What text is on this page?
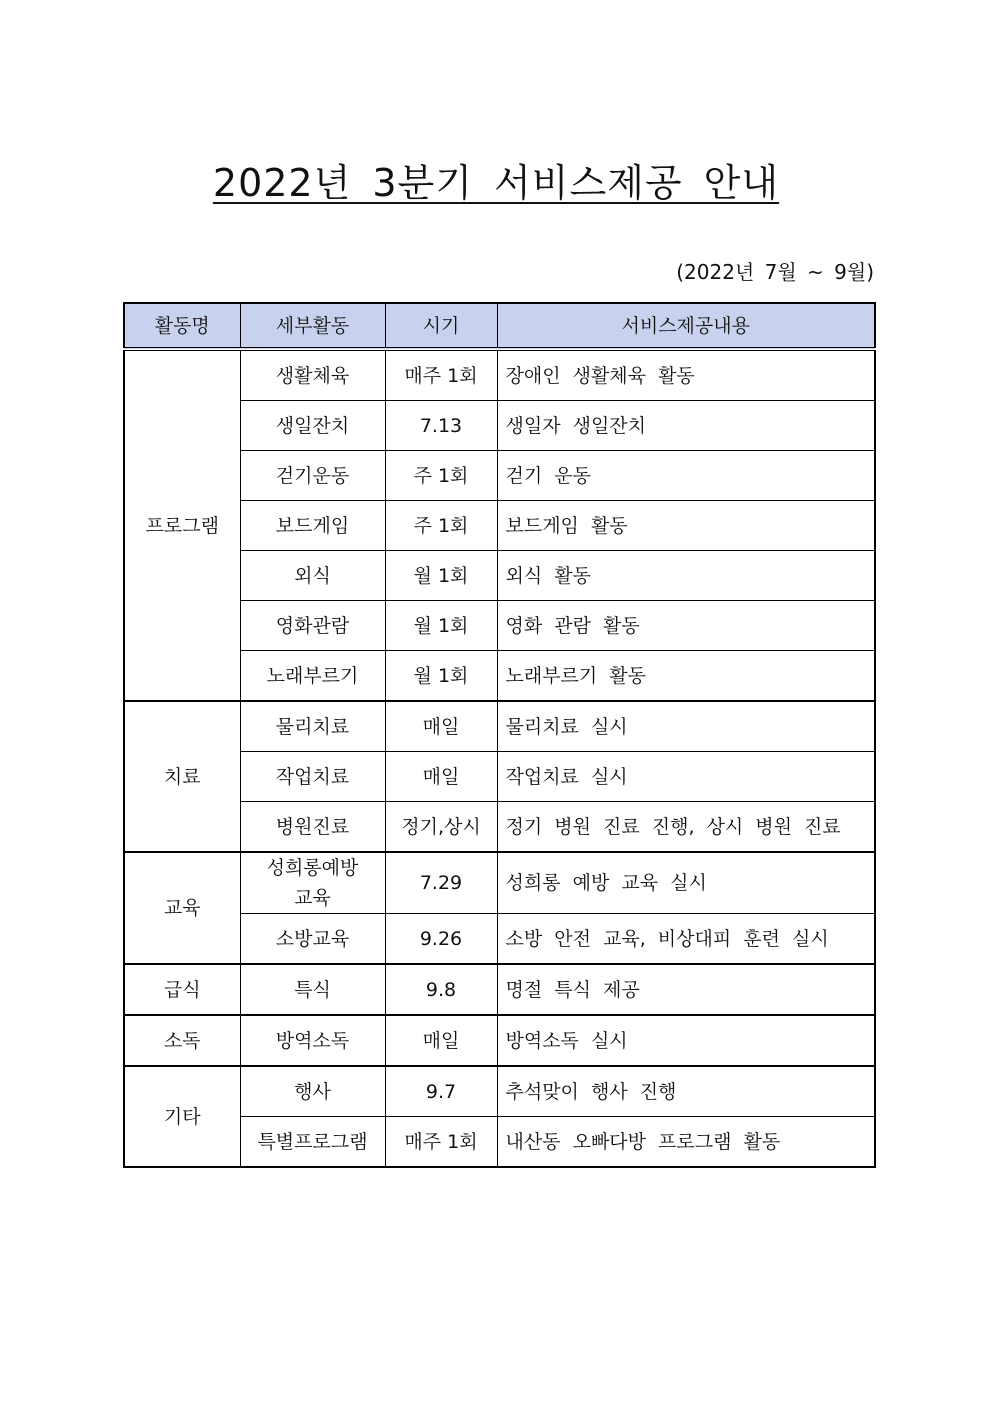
2022년 3분기 서비스제공 안내
(2022년 7월 ~ 9월)
활동명	세부활동	시기	서비스제공내용
프로그램	생활체육	매주 1회	장애인 생활체육 활동
	생일잔치	7.13	생일자 생일잔치
	걷기운동	주 1회	걷기 운동
	보드게임	주 1회	보드게임 활동
	외식	월 1회	외식 활동
	영화관람	월 1회	영화 관람 활동
	노래부르기	월 1회	노래부르기 활동
치료	물리치료	매일	물리치료 실시
	작업치료	매일	작업치료 실시
	병원진료	정기,상시	정기 병원 진료 진행, 상시 병원 진료
교육	성희롱예방 교육	7.29	성희롱 예방 교육 실시
	소방교육	9.26	소방 안전 교육, 비상대피 훈련 실시
급식	특식	9.8	명절 특식 제공
소독	방역소독	매일	방역소독 실시
기타	행사	9.7	추석맞이 행사 진행
	특별프로그램	매주 1회	내산동 오빠다방 프로그램 활동
